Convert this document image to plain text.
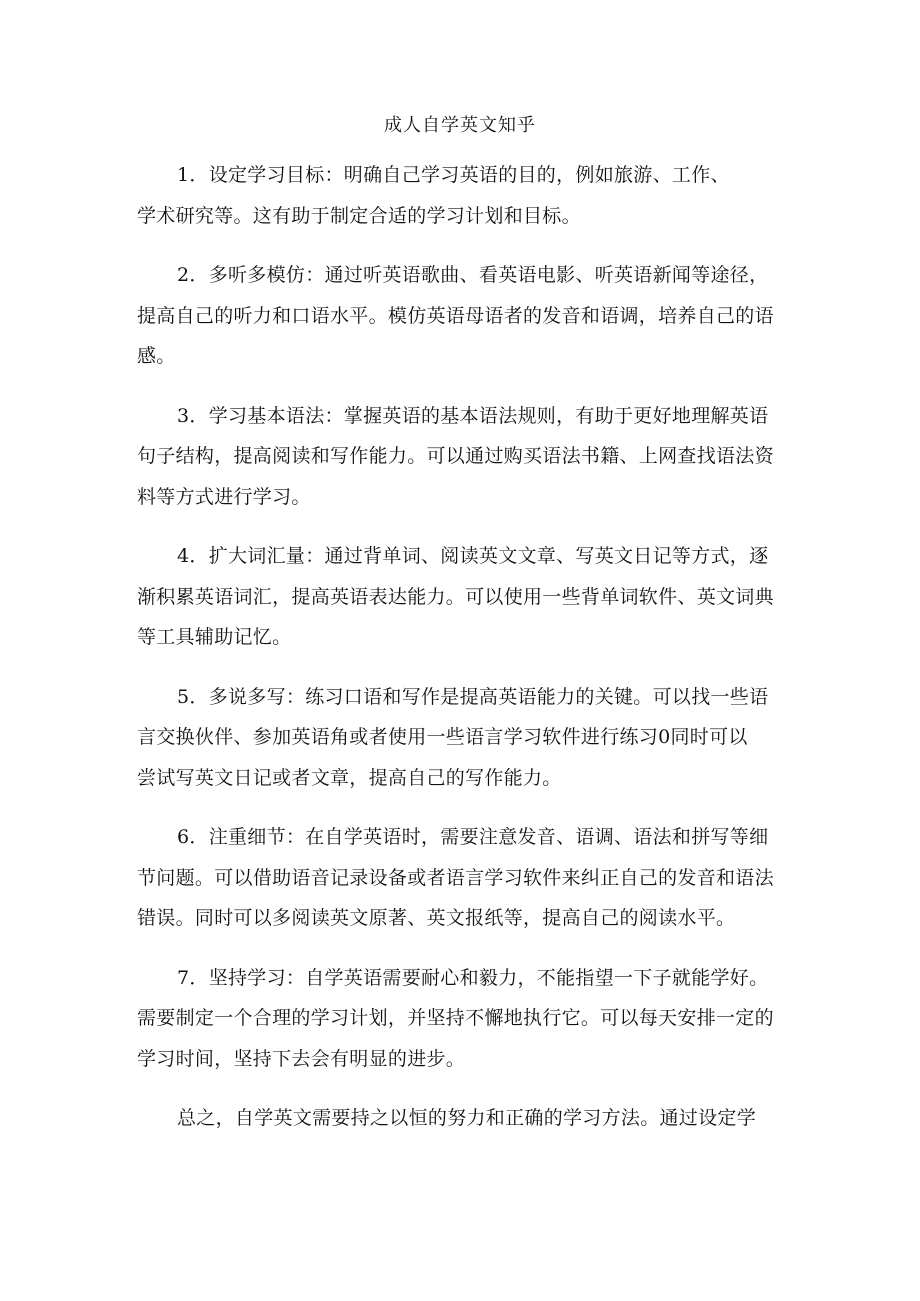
成人自学英文知乎

1．设定学习目标：明确自己学习英语的目的，例如旅游、工作、
学术研究等。这有助于制定合适的学习计划和目标。

2．多听多模仿：通过听英语歌曲、看英语电影、听英语新闻等途径，
提高自己的听力和口语水平。模仿英语母语者的发音和语调，培养自己的语
感。

3．学习基本语法：掌握英语的基本语法规则，有助于更好地理解英语
句子结构，提高阅读和写作能力。可以通过购买语法书籍、上网查找语法资
料等方式进行学习。

4．扩大词汇量：通过背单词、阅读英文文章、写英文日记等方式，逐
渐积累英语词汇，提高英语表达能力。可以使用一些背单词软件、英文词典
等工具辅助记忆。

5．多说多写：练习口语和写作是提高英语能力的关键。可以找一些语
言交换伙伴、参加英语角或者使用一些语言学习软件进行练习0同时可以
尝试写英文日记或者文章，提高自己的写作能力。

6．注重细节：在自学英语时，需要注意发音、语调、语法和拼写等细
节问题。可以借助语音记录设备或者语言学习软件来纠正自己的发音和语法
错误。同时可以多阅读英文原著、英文报纸等，提高自己的阅读水平。

7．坚持学习：自学英语需要耐心和毅力，不能指望一下子就能学好。
需要制定一个合理的学习计划，并坚持不懈地执行它。可以每天安排一定的
学习时间，坚持下去会有明显的进步。

总之，自学英文需要持之以恒的努力和正确的学习方法。通过设定学
